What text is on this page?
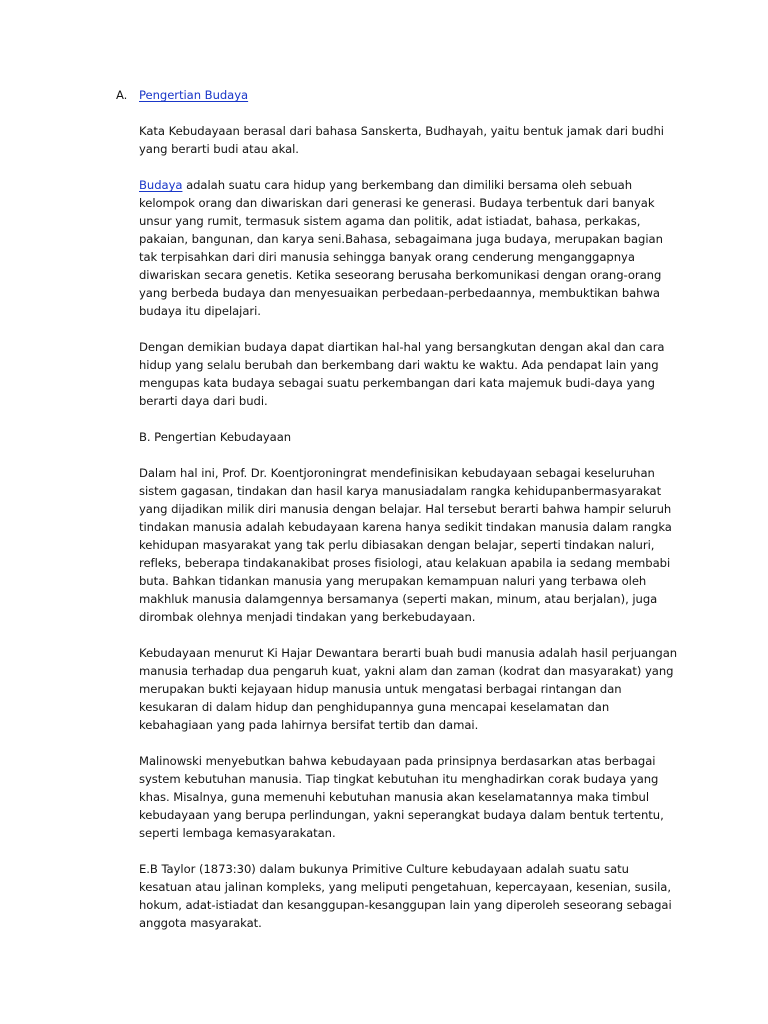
A. Pengertian Budaya

Kata Kebudayaan berasal dari bahasa Sanskerta, Budhayah, yaitu bentuk jamak dari budhi yang berarti budi atau akal.

Budaya adalah suatu cara hidup yang berkembang dan dimiliki bersama oleh sebuah kelompok orang dan diwariskan dari generasi ke generasi. Budaya terbentuk dari banyak unsur yang rumit, termasuk sistem agama dan politik, adat istiadat, bahasa, perkakas, pakaian, bangunan, dan karya seni.Bahasa, sebagaimana juga budaya, merupakan bagian tak terpisahkan dari diri manusia sehingga banyak orang cenderung menganggapnya diwariskan secara genetis. Ketika seseorang berusaha berkomunikasi dengan orang-orang yang berbeda budaya dan menyesuaikan perbedaan-perbedaannya, membuktikan bahwa budaya itu dipelajari.

Dengan demikian budaya dapat diartikan hal-hal yang bersangkutan dengan akal dan cara hidup yang selalu berubah dan berkembang dari waktu ke waktu. Ada pendapat lain yang mengupas kata budaya sebagai suatu perkembangan dari kata majemuk budi-daya yang berarti daya dari budi.

B. Pengertian Kebudayaan

Dalam hal ini, Prof. Dr. Koentjoroningrat mendefinisikan kebudayaan sebagai keseluruhan sistem gagasan, tindakan dan hasil karya manusiadalam rangka kehidupanbermasyarakat yang dijadikan milik diri manusia dengan belajar. Hal tersebut berarti bahwa hampir seluruh tindakan manusia adalah kebudayaan karena hanya sedikit tindakan manusia dalam rangka kehidupan masyarakat yang tak perlu dibiasakan dengan belajar, seperti tindakan naluri, refleks, beberapa tindakanakibat proses fisiologi, atau kelakuan apabila ia sedang membabi buta. Bahkan tidankan manusia yang merupakan kemampuan naluri yang terbawa oleh makhluk manusia dalamgennya bersamanya (seperti makan, minum, atau berjalan), juga dirombak olehnya menjadi tindakan yang berkebudayaan.

Kebudayaan menurut Ki Hajar Dewantara berarti buah budi manusia adalah hasil perjuangan manusia terhadap dua pengaruh kuat, yakni alam dan zaman (kodrat dan masyarakat) yang merupakan bukti kejayaan hidup manusia untuk mengatasi berbagai rintangan dan kesukaran di dalam hidup dan penghidupannya guna mencapai keselamatan dan kebahagiaan yang pada lahirnya bersifat tertib dan damai.

Malinowski menyebutkan bahwa kebudayaan pada prinsipnya berdasarkan atas berbagai system kebutuhan manusia. Tiap tingkat kebutuhan itu menghadirkan corak budaya yang khas. Misalnya, guna memenuhi kebutuhan manusia akan keselamatannya maka timbul kebudayaan yang berupa perlindungan, yakni seperangkat budaya dalam bentuk tertentu, seperti lembaga kemasyarakatan.

E.B Taylor (1873:30) dalam bukunya Primitive Culture kebudayaan adalah suatu satu kesatuan atau jalinan kompleks, yang meliputi pengetahuan, kepercayaan, kesenian, susila, hokum, adat-istiadat dan kesanggupan-kesanggupan lain yang diperoleh seseorang sebagai anggota masyarakat.
